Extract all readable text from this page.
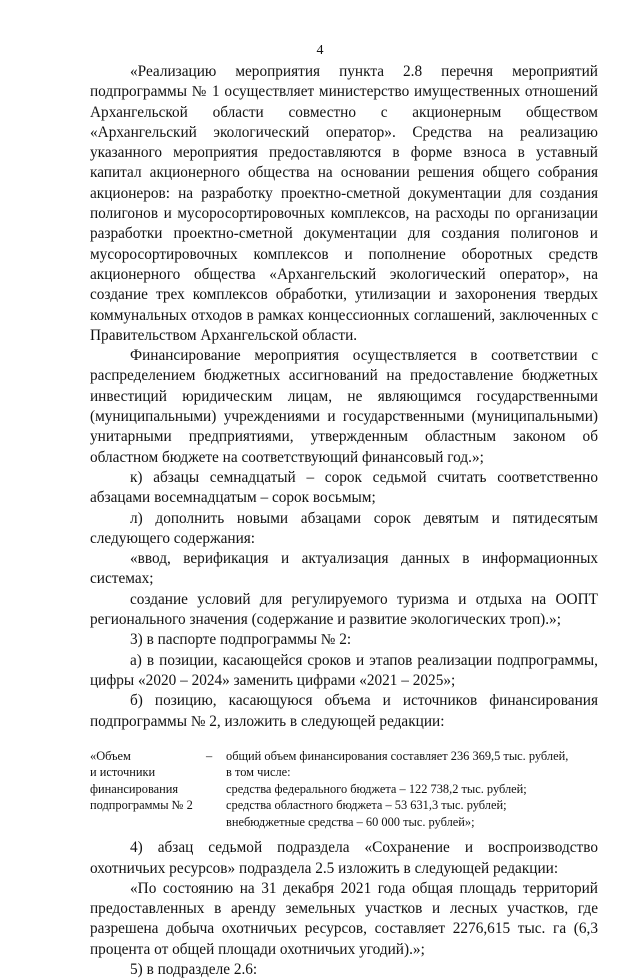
4

«Реализацию мероприятия пункта 2.8 перечня мероприятий подпрограммы № 1 осуществляет министерство имущественных отношений Архангельской области совместно с акционерным обществом «Архангельский экологический оператор». Средства на реализацию указанного мероприятия предоставляются в форме взноса в уставный капитал акционерного общества на основании решения общего собрания акционеров: на разработку проектно-сметной документации для создания полигонов и мусоросортировочных комплексов, на расходы по организации разработки проектно-сметной документации для создания полигонов и мусоросортировочных комплексов и пополнение оборотных средств акционерного общества «Архангельский экологический оператор», на создание трех комплексов обработки, утилизации и захоронения твердых коммунальных отходов в рамках концессионных соглашений, заключенных с Правительством Архангельской области.

Финансирование мероприятия осуществляется в соответствии с распределением бюджетных ассигнований на предоставление бюджетных инвестиций юридическим лицам, не являющимся государственными (муниципальными) учреждениями и государственными (муниципальными) унитарными предприятиями, утвержденным областным законом об областном бюджете на соответствующий финансовый год.»;

к) абзацы семнадцатый – сорок седьмой считать соответственно абзацами восемнадцатым – сорок восьмым;

л) дополнить новыми абзацами сорок девятым и пятидесятым следующего содержания:

«ввод, верификация и актуализация данных в информационных системах;

создание условий для регулируемого туризма и отдыха на ООПТ регионального значения (содержание и развитие экологических троп).»;

3) в паспорте подпрограммы № 2:

а) в позиции, касающейся сроков и этапов реализации подпрограммы, цифры «2020 – 2024» заменить цифрами «2021 – 2025»;

б) позицию, касающуюся объема и источников финансирования подпрограммы № 2, изложить в следующей редакции:

«Объем
и источники
финансирования
подпрограммы № 2
–	общий объем финансирования составляет 236 369,5 тыс. рублей,
в том числе:
средства федерального бюджета – 122 738,2 тыс. рублей;
средства областного бюджета – 53 631,3 тыс. рублей;
внебюджетные средства – 60 000 тыс. рублей»;

4) абзац седьмой подраздела «Сохранение и воспроизводство охотничьих ресурсов» подраздела 2.5 изложить в следующей редакции:

«По состоянию на 31 декабря 2021 года общая площадь территорий предоставленных в аренду земельных участков и лесных участков, где разрешена добыча охотничьих ресурсов, составляет 2276,615 тыс. га (6,3 процента от общей площади охотничьих угодий).»;

5) в подразделе 2.6:
